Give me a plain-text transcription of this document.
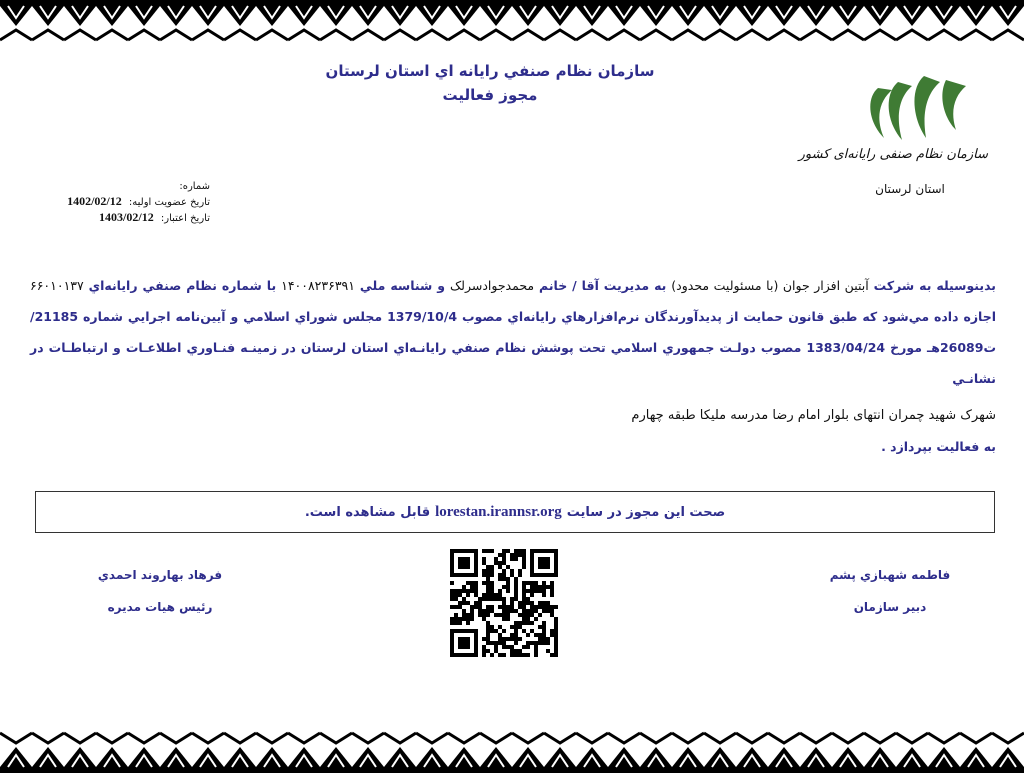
سازمان نظام صنفي رايانه اي استان لرستان
مجوز فعاليت
سازمان نظام صنفی رایانه‌ای کشور
استان لرستان
شماره:
تاريخ عضويت اوليه: 1402/02/12
تاريخ اعتبار: 1403/02/12
بدينوسيله به شركت آبتین افزار جوان (با مسئولیت محدود) به مديريت آقا / خانم محمدجوادسرلک و شناسه ملي ۱۴۰۰۸۲۳۶۳۹۱ با شماره نظام صنفي رايانه‌اي ۶۶۰۱۰۱۳۷ اجازه داده مي‌شود كه طبق قانون حمايت از پديدآورندگان نرم‌افزارهاي رايانه‌اي مصوب 1379/10/4 مجلس شوراي اسلامي و آيين‌نامه اجرايي شماره 21185/ت26089هـ مورخ 1383/04/24 مصوب دولـت جمهوري اسلامي تحت پوشش نظام صنفي رايانـه‌اي استان لرستان در زمينـه فنـاوري اطلاعـات و ارتباطـات در نشانـي
شهرک شهید چمران انتهای بلوار امام رضا مدرسه ملیکا طبقه چهارم
به فعاليت بپردازد .
صحت اين مجوز در سايت
lorestan.irannsr.org
قابل مشاهده است.
فاطمه شهبازي پشم
دبير سازمان
فرهاد بهاروند احمدي
رئيس هيات مديره
